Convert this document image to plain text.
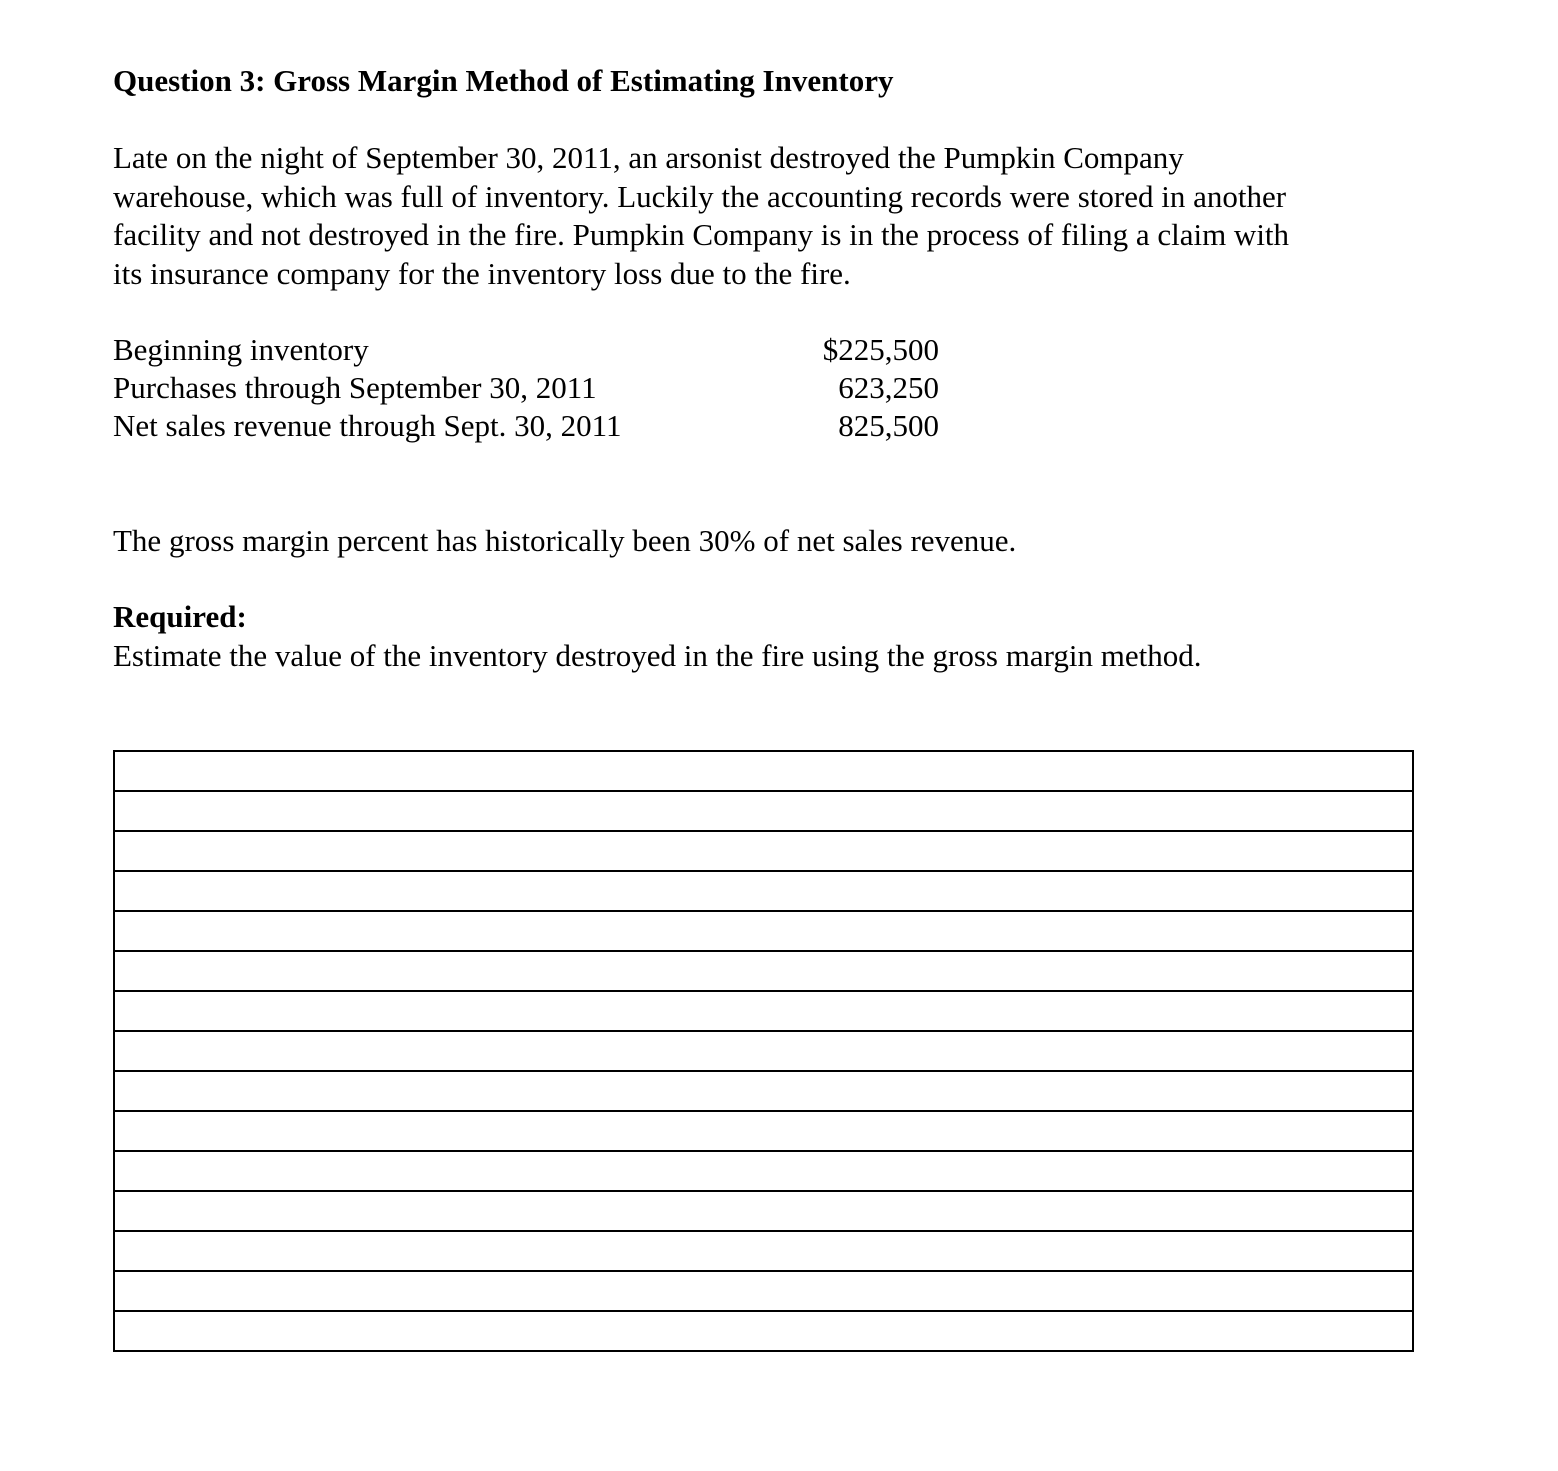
Question 3: Gross Margin Method of Estimating Inventory
Late on the night of September 30, 2011, an arsonist destroyed the Pumpkin Company
warehouse, which was full of inventory. Luckily the accounting records were stored in another
facility and not destroyed in the fire. Pumpkin Company is in the process of filing a claim with
its insurance company for the inventory loss due to the fire.
Beginning inventory	$225,500
Purchases through September 30, 2011	623,250
Net sales revenue through Sept. 30, 2011	825,500
The gross margin percent has historically been 30% of net sales revenue.
Required:
Estimate the value of the inventory destroyed in the fire using the gross margin method.
